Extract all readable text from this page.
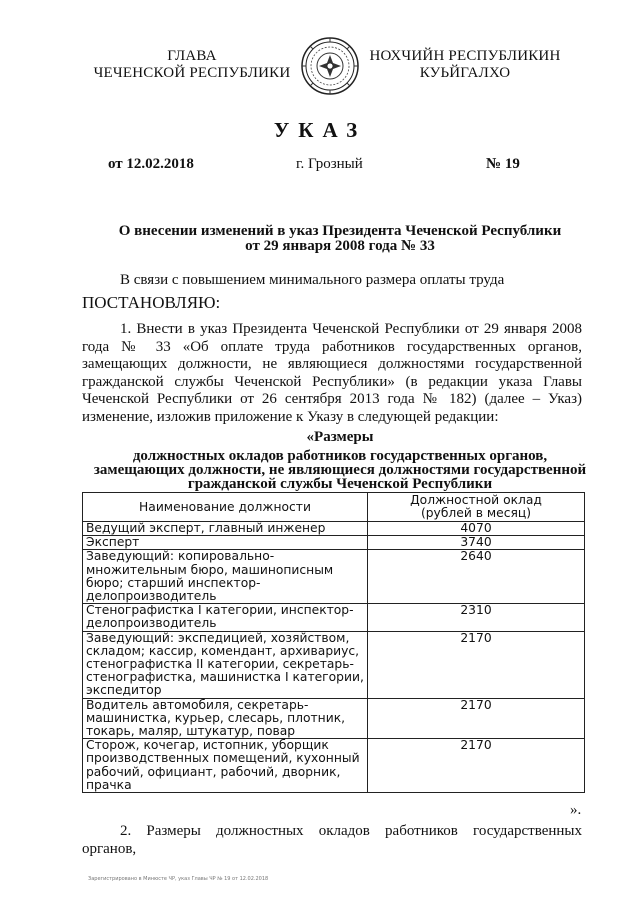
ГЛАВА
ЧЕЧЕНСКОЙ РЕСПУБЛИКИ
НОХЧИЙН РЕСПУБЛИКИН
КУЬЙГАЛХО
УКАЗ
от 12.02.2018	г. Грозный	№ 19
О внесении изменений в указ Президента Чеченской Республики
от 29 января 2008 года № 33
В связи с повышением минимального размера оплаты труда
ПОСТАНОВЛЯЮ:
1. Внести в указ Президента Чеченской Республики от 29 января 2008 года № 33 «Об оплате труда работников государственных органов, замещающих должности, не являющиеся должностями государственной гражданской службы Чеченской Республики» (в редакции указа Главы Чеченской Республики от 26 сентября 2013 года № 182) (далее – Указ) изменение, изложив приложение к Указу в следующей редакции:
«Размеры
должностных окладов работников государственных органов,
замещающих должности, не являющиеся должностями государственной
гражданской службы Чеченской Республики
Наименование должности	Должностной оклад
(рублей в месяц)

Ведущий эксперт, главный инженер	4070
Эксперт	3740
Заведующий: копировально-множительным бюро, машинописным бюро; старший инспектор-делопроизводитель	2640
Стенографистка I категории, инспектор-делопроизводитель	2310
Заведующий: экспедицией, хозяйством, складом; кассир, комендант, архивариус, стенографистка II категории, секретарь-стенографистка, машинистка I категории, экспедитор	2170
Водитель автомобиля, секретарь-машинистка, курьер, слесарь, плотник, токарь, маляр, штукатур, повар	2170
Сторож, кочегар, истопник, уборщик производственных помещений, кухонный рабочий, официант, рабочий, дворник, прачка	2170
».
2. Размеры должностных окладов работников государственных органов,
Зарегистрировано в Минюсте ЧР, указ Главы ЧР № 19 от 12.02.2018
